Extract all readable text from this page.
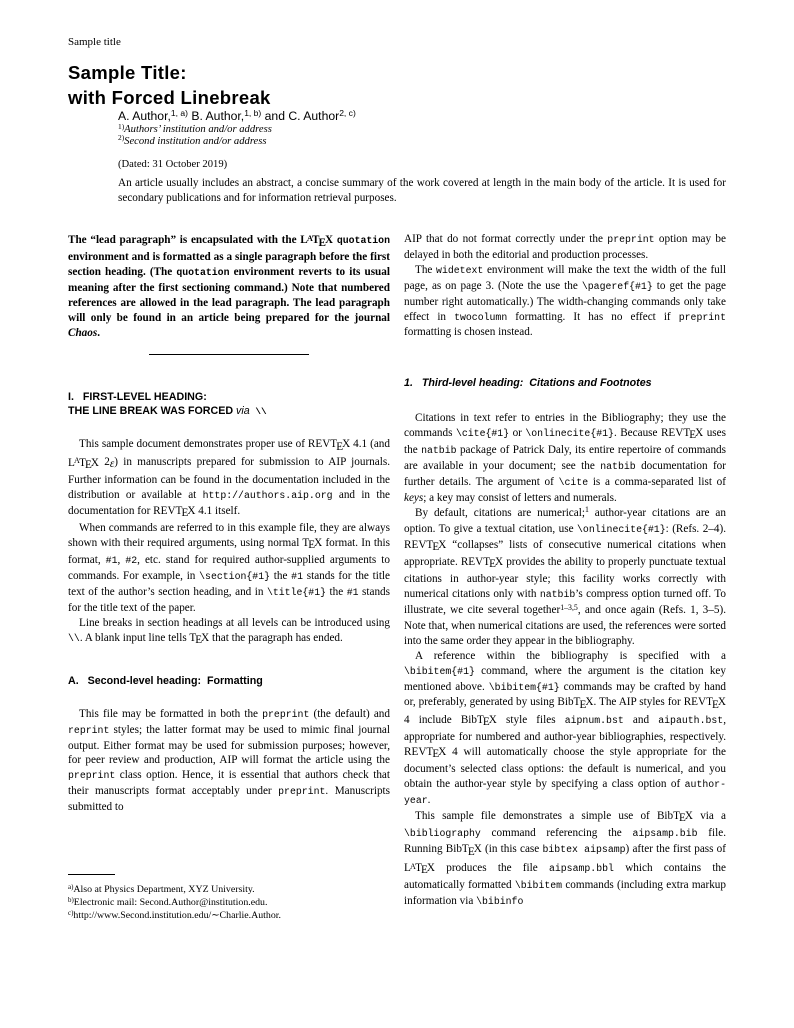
Sample title
Sample Title:
with Forced Linebreak
A. Author,$^{1, a)}$ B. Author,$^{1, b)}$ and C. Author$^{2, c)}$
$^{1)}$Authors’ institution and/or address
$^{2)}$Second institution and/or address
(Dated: 31 October 2019)
An article usually includes an abstract, a concise summary of the work covered at length in the main body of the article. It is used for secondary publications and for information retrieval purposes.

The “lead paragraph” is encapsulated with the LATEX quotation environment and is formatted as a single paragraph before the first section heading. (The quotation environment reverts to its usual meaning after the first sectioning command.) Note that numbered references are allowed in the lead paragraph. The lead paragraph will only be found in an article being prepared for the journal Chaos.

I.   FIRST-LEVEL HEADING:
THE LINE BREAK WAS FORCED via \\

This sample document demonstrates proper use of REVTEX 4.1 (and LATEX 2ε) in manuscripts prepared for submission to AIP journals. Further information can be found in the documentation included in the distribution or available at http://authors.aip.org and in the documentation for REVTEX 4.1 itself.

When commands are referred to in this example file, they are always shown with their required arguments, using normal TEX format. In this format, #1, #2, etc. stand for required author-supplied arguments to commands. For example, in \section{#1} the #1 stands for the title text of the author’s section heading, and in \title{#1} the #1 stands for the title text of the paper.

Line breaks in section headings at all levels can be introduced using \\. A blank input line tells TEX that the paragraph has ended.

A.   Second-level heading:  Formatting

This file may be formatted in both the preprint (the default) and reprint styles; the latter format may be used to mimic final journal output. Either format may be used for submission purposes; however, for peer review and production, AIP will format the article using the preprint class option. Hence, it is essential that authors check that their manuscripts format acceptably under preprint. Manuscripts submitted to

AIP that do not format correctly under the preprint option may be delayed in both the editorial and production processes.

The widetext environment will make the text the width of the full page, as on page 3. (Note the use the \pageref{#1} to get the page number right automatically.) The width-changing commands only take effect in twocolumn formatting. It has no effect if preprint formatting is chosen instead.

1.   Third-level heading:  Citations and Footnotes

Citations in text refer to entries in the Bibliography; they use the commands \cite{#1} or \onlinecite{#1}. Because REVTEX uses the natbib package of Patrick Daly, its entire repertoire of commands are available in your document; see the natbib documentation for further details. The argument of \cite is a comma-separated list of keys; a key may consist of letters and numerals.

By default, citations are numerical;$^1$ author-year citations are an option. To give a textual citation, use \onlinecite{#1}: (Refs. 2–4). REVTEX “collapses” lists of consecutive numerical citations when appropriate. REVTEX provides the ability to properly punctuate textual citations in author-year style; this facility works correctly with numerical citations only with natbib’s compress option turned off. To illustrate, we cite several together$^{1-3,5}$, and once again (Refs. 1, 3–5). Note that, when numerical citations are used, the references were sorted into the same order they appear in the bibliography.

A reference within the bibliography is specified with a \bibitem{#1} command, where the argument is the citation key mentioned above. \bibitem{#1} commands may be crafted by hand or, preferably, generated by using BibTEX. The AIP styles for REVTEX 4 include BibTEX style files aipnum.bst and aipauth.bst, appropriate for numbered and author-year bibliographies, respectively. REVTEX 4 will automatically choose the style appropriate for the document’s selected class options: the default is numerical, and you obtain the author-year style by specifying a class option of author-year.

This sample file demonstrates a simple use of BibTEX via a \bibliography command referencing the aipsamp.bib file. Running BibTEX (in this case bibtex aipsamp) after the first pass of LATEX produces the file aipsamp.bbl which contains the automatically formatted \bibitem commands (including extra markup information via \bibinfo

$^{a)}$Also at Physics Department, XYZ University.
$^{b)}$Electronic mail: Second.Author@institution.edu.
$^{c)}$http://www.Second.institution.edu/∼Charlie.Author.
